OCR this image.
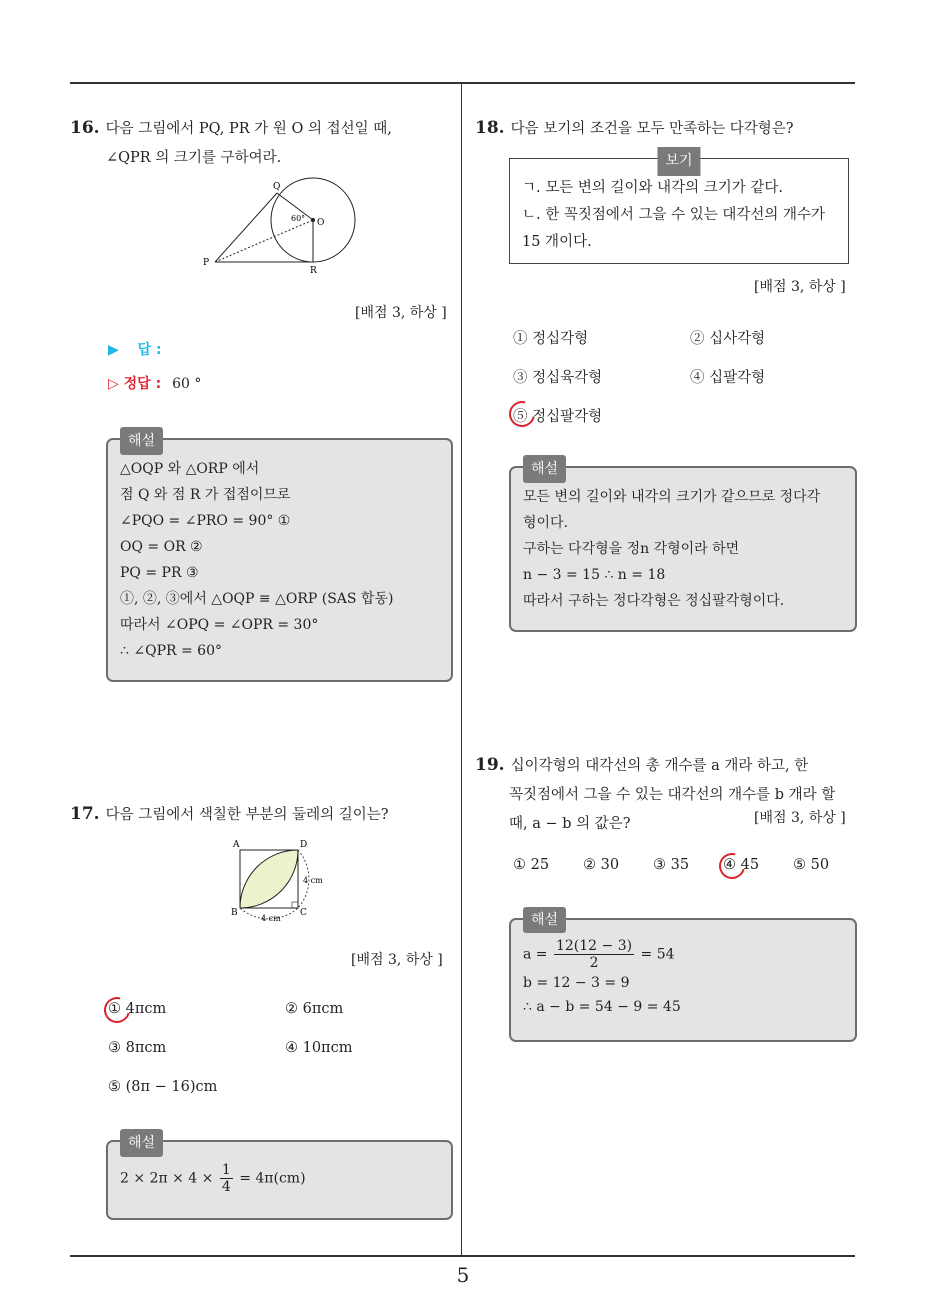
5
16. 다음 그림에서 PQ, PR 가 원 O 의 접선일 때,
∠QPR 의 크기를 구하여라.
Q
P
R
O
60°
[배점 3, 하상 ]
▶ 답 :
▷ 정답 : 60 °
해설
△OQP 와 △ORP 에서
점 Q 와 점 R 가 접점이므로
∠PQO = ∠PRO = 90° ①
OQ = OR ②
PQ = PR ③
①, ②, ③에서 △OQP ≡ △ORP (SAS 합동)
따라서 ∠OPQ = ∠OPR = 30°
∴ ∠QPR = 60°
17. 다음 그림에서 색칠한 부분의 둘레의 길이는?
A	D
B	C
4 cm
4 cm
[배점 3, 하상 ]
① 4πcm	② 6πcm
③ 8πcm	④ 10πcm
⑤ (8π − 16)cm
해설
$2 \times 2\pi \times 4 \times \frac{1}{4} = 4\pi(cm)$
18. 다음 보기의 조건을 모두 만족하는 다각형은?
보기
ㄱ. 모든 변의 길이와 내각의 크기가 같다.
ㄴ. 한 꼭짓점에서 그을 수 있는 대각선의 개수가
15 개이다.
[배점 3, 하상 ]
① 정십각형	② 십사각형
③ 정십육각형	④ 십팔각형
⑤ 정십팔각형
해설
모든 변의 길이와 내각의 크기가 같으므로 정다각
형이다.
구하는 다각형을 정n 각형이라 하면
n − 3 = 15 ∴ n = 18
따라서 구하는 정다각형은 정십팔각형이다.
19. 십이각형의 대각선의 총 개수를 a 개라 하고, 한
꼭짓점에서 그을 수 있는 대각선의 개수를 b 개라 할
때, a − b 의 값은?	[배점 3, 하상 ]
① 25 ② 30 ③ 35 ④ 45 ⑤ 50
해설
$a = \frac{12(12 - 3)}{2} = 54$
b = 12 − 3 = 9
∴ a − b = 54 − 9 = 45
